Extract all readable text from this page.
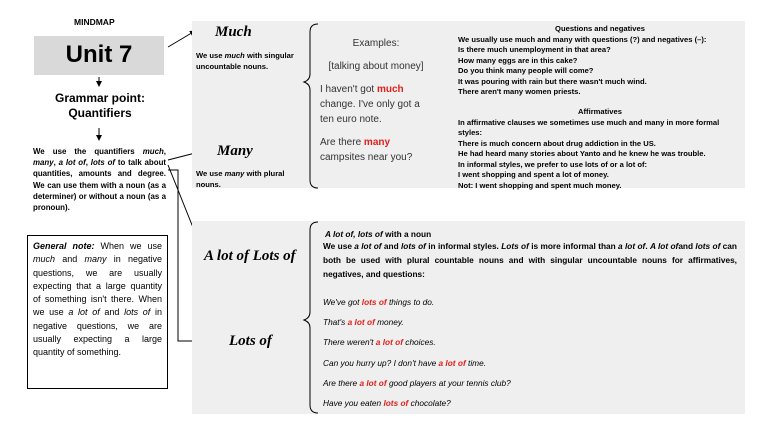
MINDMAP
Unit 7
Grammar point:
Quantifiers
We use the quantifiers much, many, a lot of, lots of to talk about quantities, amounts and degree. We can use them with a noun (as a determiner) or without a noun (as a pronoun).
General note: When we use much and many in negative questions, we are usually expecting that a large quantity of something isn't there. When we use a lot of and lots of in negative questions, we are usually expecting a large quantity of something.
Much
We use much with singular uncountable nouns.
Many
We use many with plural nouns.
Examples:
[talking about money]
I haven't got much change. I've only got a ten euro note.
Are there many campsites near you?
Questions and negatives
We usually use much and many with questions (?) and negatives (–):
Is there much unemployment in that area?
How many eggs are in this cake?
Do you think many people will come?
It was pouring with rain but there wasn't much wind.
There aren't many women priests.
Affirmatives
In affirmative clauses we sometimes use much and many in more formal styles:
There is much concern about drug addiction in the US.
He had heard many stories about Yanto and he knew he was trouble.
In informal styles, we prefer to use lots of or a lot of:
I went shopping and spent a lot of money.
Not: I went shopping and spent much money.
A lot of Lots of
Lots of
A lot of, lots of with a noun
We use a lot of and lots of in informal styles. Lots of is more informal than a lot of. A lot ofand lots of can both be used with plural countable nouns and with singular uncountable nouns for affirmatives, negatives, and questions:
We've got lots of things to do.
That's a lot of money.
There weren't a lot of choices.
Can you hurry up? I don't have a lot of time.
Are there a lot of good players at your tennis club?
Have you eaten lots of chocolate?
